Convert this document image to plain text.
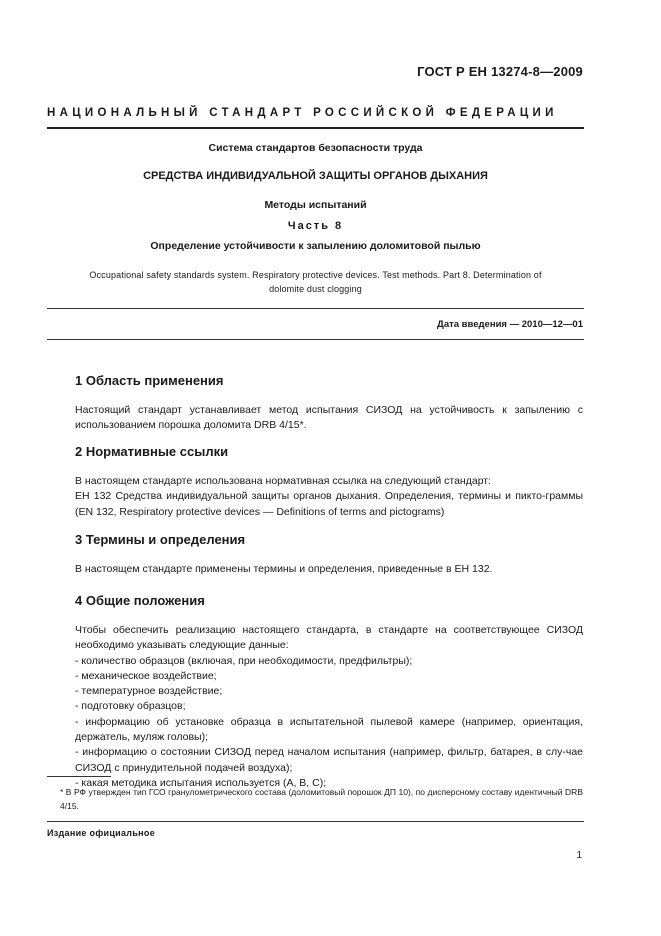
ГОСТ Р ЕН 13274-8—2009
НАЦИОНАЛЬНЫЙ СТАНДАРТ РОССИЙСКОЙ ФЕДЕРАЦИИ
Система стандартов безопасности труда
СРЕДСТВА ИНДИВИДУАЛЬНОЙ ЗАЩИТЫ ОРГАНОВ ДЫХАНИЯ
Методы испытаний
Часть 8
Определение устойчивости к запылению доломитовой пылью
Occupational safety standards system. Respiratory protective devices. Test methods. Part 8. Determination of
dolomite dust clogging
Дата введения — 2010—12—01
1 Область применения

Настоящий стандарт устанавливает метод испытания СИЗОД на устойчивость к запылению с использованием порошка доломита DRB 4/15*.

2 Нормативные ссылки

В настоящем стандарте использована нормативная ссылка на следующий стандарт:

ЕН 132 Средства индивидуальной защиты органов дыхания. Определения, термины и пикто-граммы (EN 132, Respiratory protective devices — Definitions of terms and pictograms)

3 Термины и определения

В настоящем стандарте применены термины и определения, приведенные в ЕН 132.

4 Общие положения

Чтобы обеспечить реализацию настоящего стандарта, в стандарте на соответствующее СИЗОД необходимо указывать следующие данные:

- количество образцов (включая, при необходимости, предфильтры);

- механическое воздействие;

- температурное воздействие;

- подготовку образцов;

- информацию об установке образца в испытательной пылевой камере (например, ориентация, держатель, муляж головы);

- информацию о состоянии СИЗОД перед началом испытания (например, фильтр, батарея, в слу-чае СИЗОД с принудительной подачей воздуха);

- какая методика испытания используется (А, В, С);

* В РФ утвержден тип ГСО гранулометрического состава (доломитовый порошок ДП 10), по дисперсному составу идентичный DRB 4/15.
Издание официальное
1
